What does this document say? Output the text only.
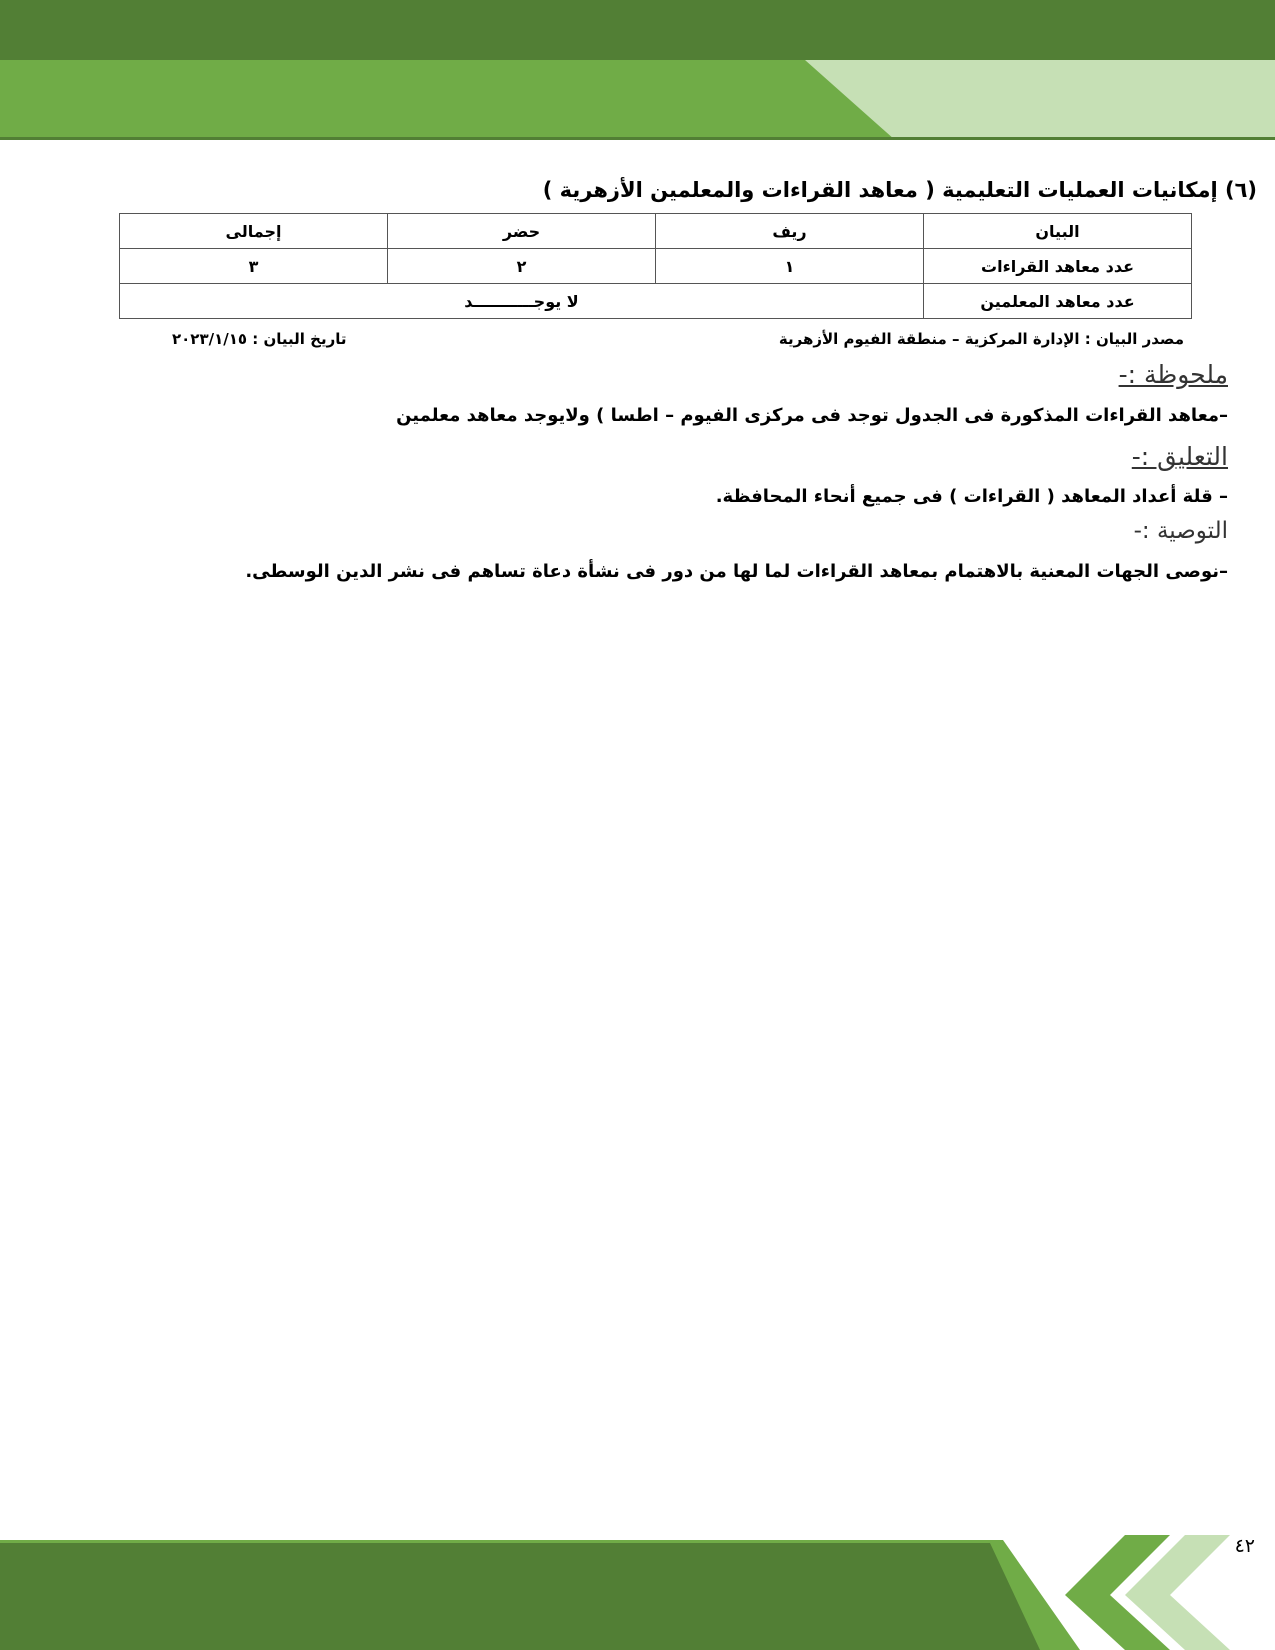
(٦) إمكانيات العمليات التعليمية ( معاهد القراءات والمعلمين الأزهرية )
البيان	ريف	حضر	إجمالى
عدد معاهد القراءات	١	٢	٣
عدد معاهد المعلمين	لا يوجـــــــــــد		
مصدر البيان : الإدارة المركزية – منطقة الفيوم الأزهرية
تاريخ البيان : ٢٠٢٣/١/١٥
ملحوظة :-
–معاهد القراءات المذكورة فى الجدول توجد فى مركزى الفيوم – اطسا ) ولايوجد معاهد معلمين
التعليق :-
– قلة أعداد المعاهد ( القراءات ) فى جميع أنحاء المحافظة.
التوصية :-
–نوصى الجهات المعنية بالاهتمام بمعاهد القراءات لما لها من دور فى نشأة دعاة تساهم فى نشر الدين الوسطى.
٤٢
